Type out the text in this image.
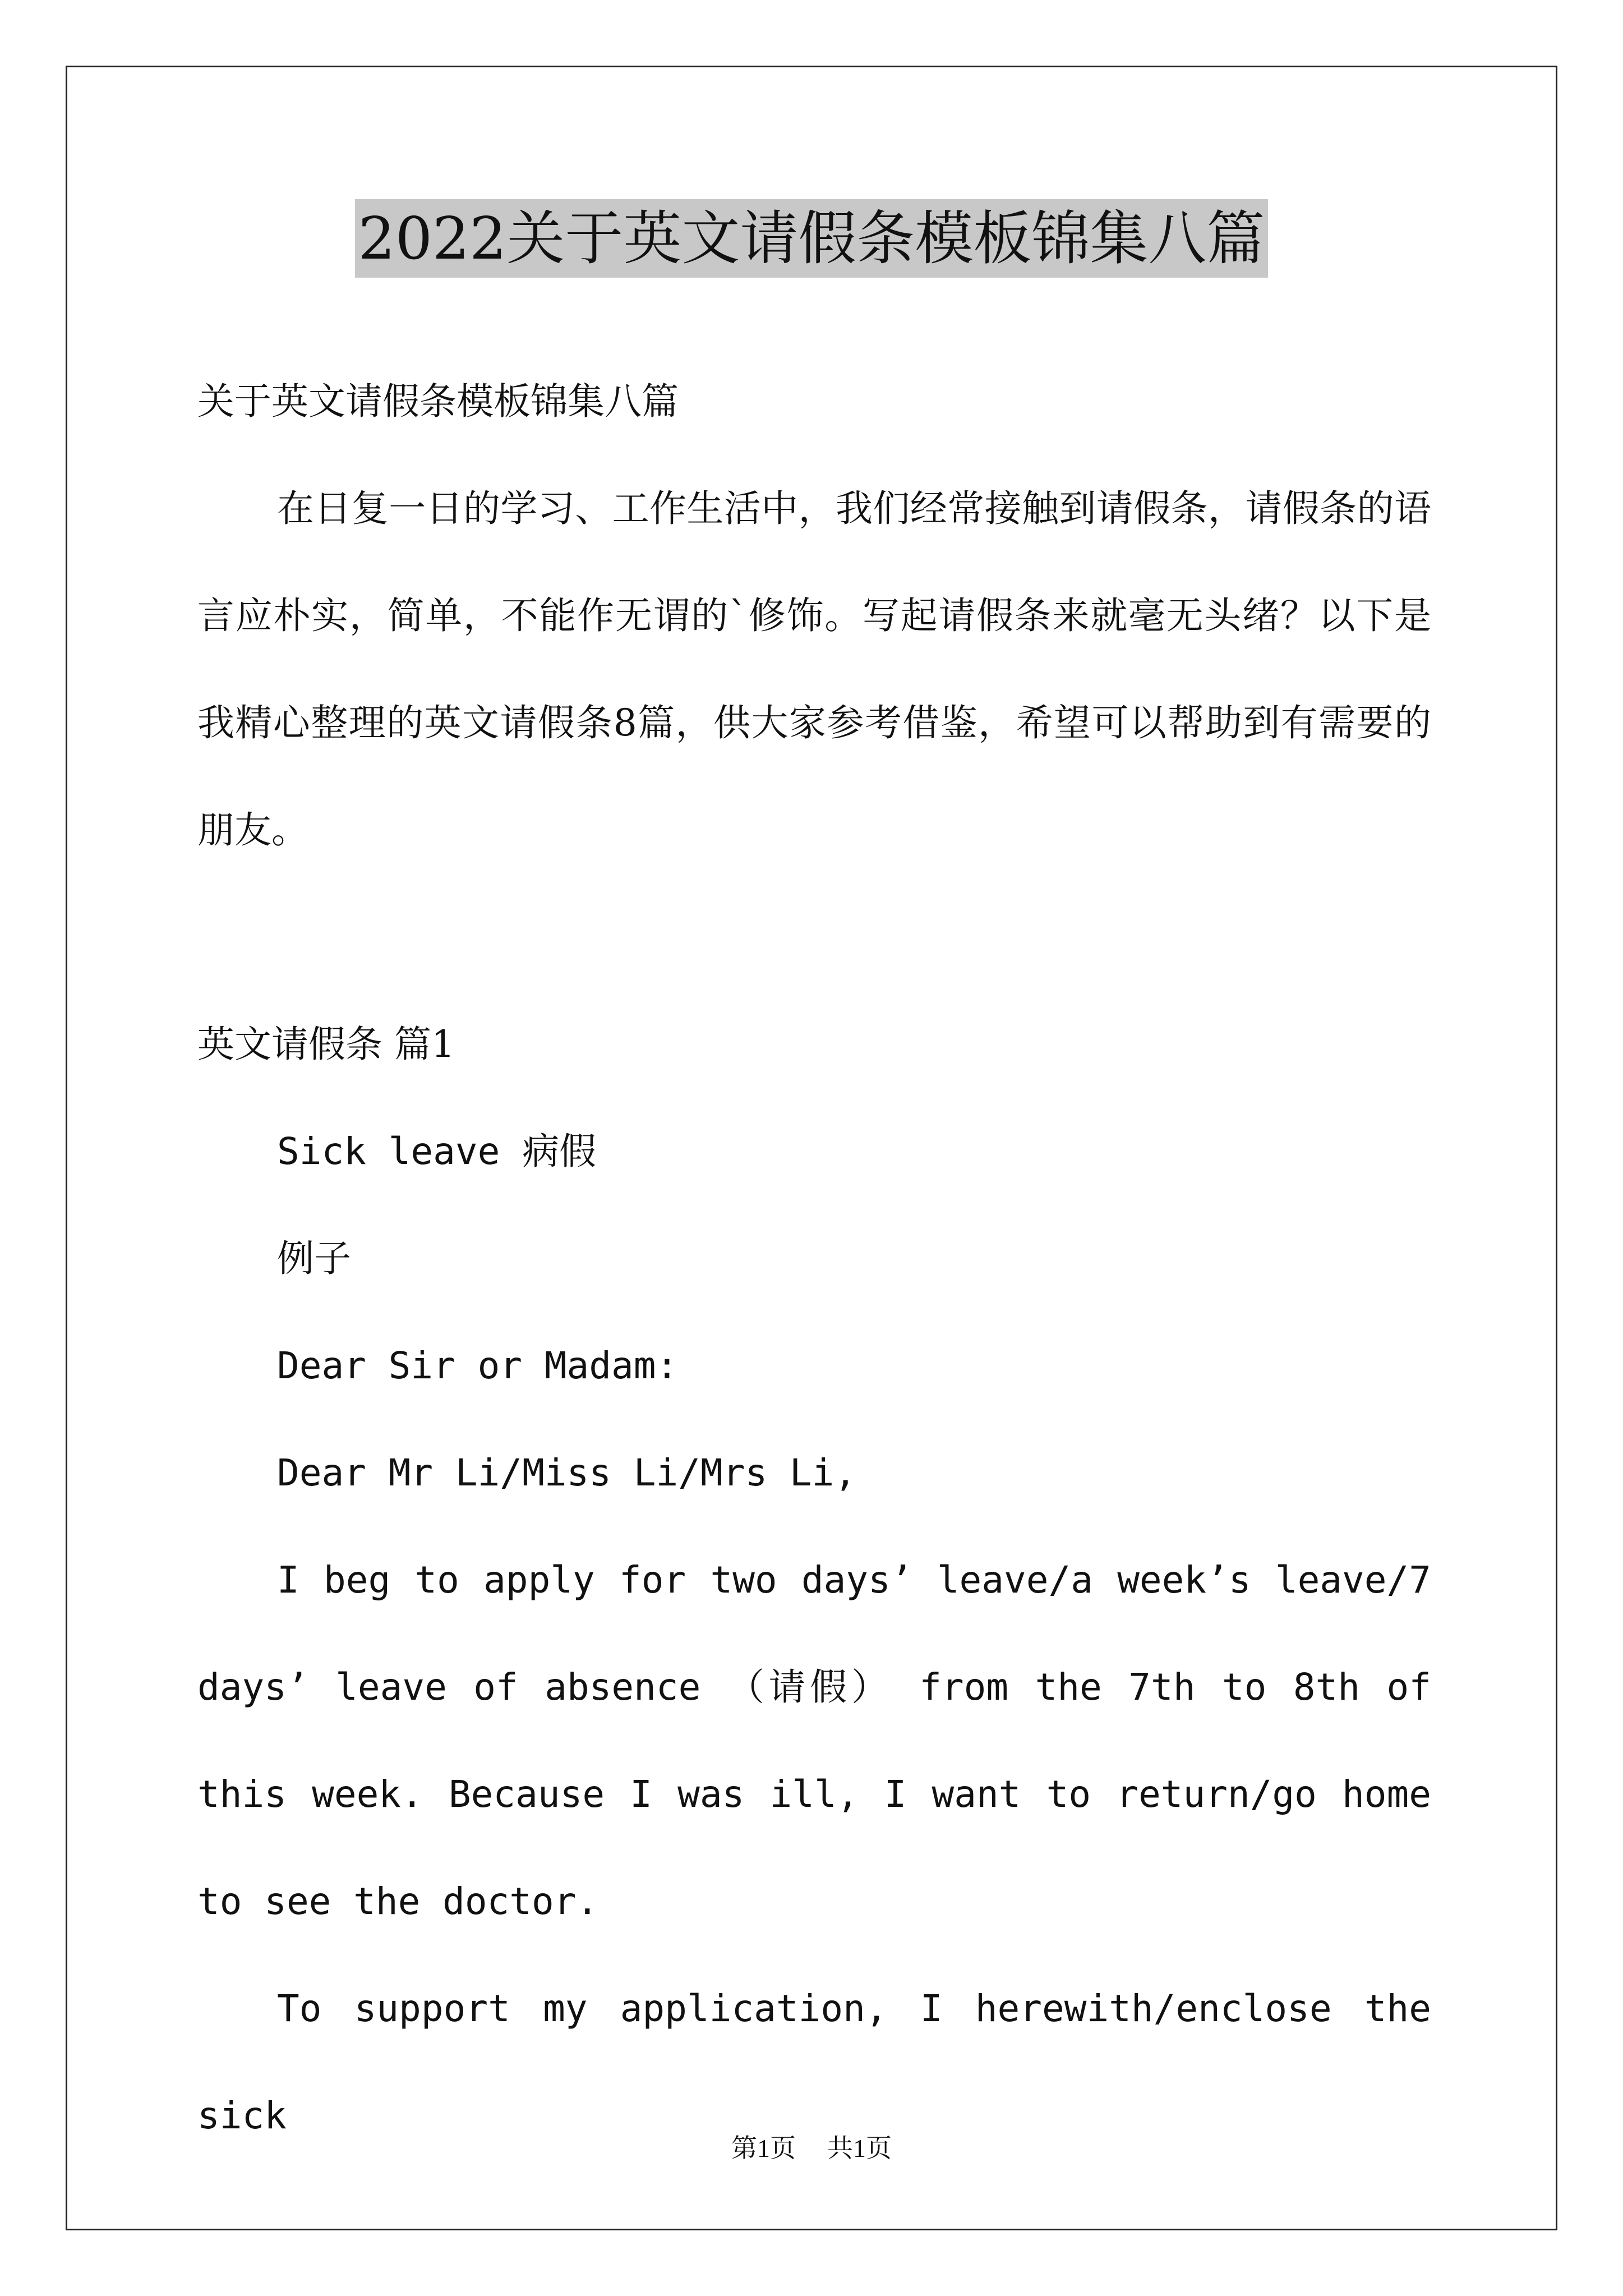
2022关于英文请假条模板锦集八篇

关于英文请假条模板锦集八篇

在日复一日的学习、工作生活中，我们经常接触到请假条，请假条的语言应朴实，简单，不能作无谓的`修饰。写起请假条来就毫无头绪？以下是我精心整理的英文请假条8篇，供大家参考借鉴，希望可以帮助到有需要的朋友。

英文请假条 篇1

Sick leave 病假

例子

Dear Sir or Madam:

Dear Mr Li/Miss Li/Mrs Li,

I beg to apply for two days’ leave/a week’s leave/7 days’ leave of absence （请假） from the 7th to 8th of this week. Because I was ill, I want to return/go home to see the doctor.

To support my application, I herewith/enclose the sick

第1页 共1页
